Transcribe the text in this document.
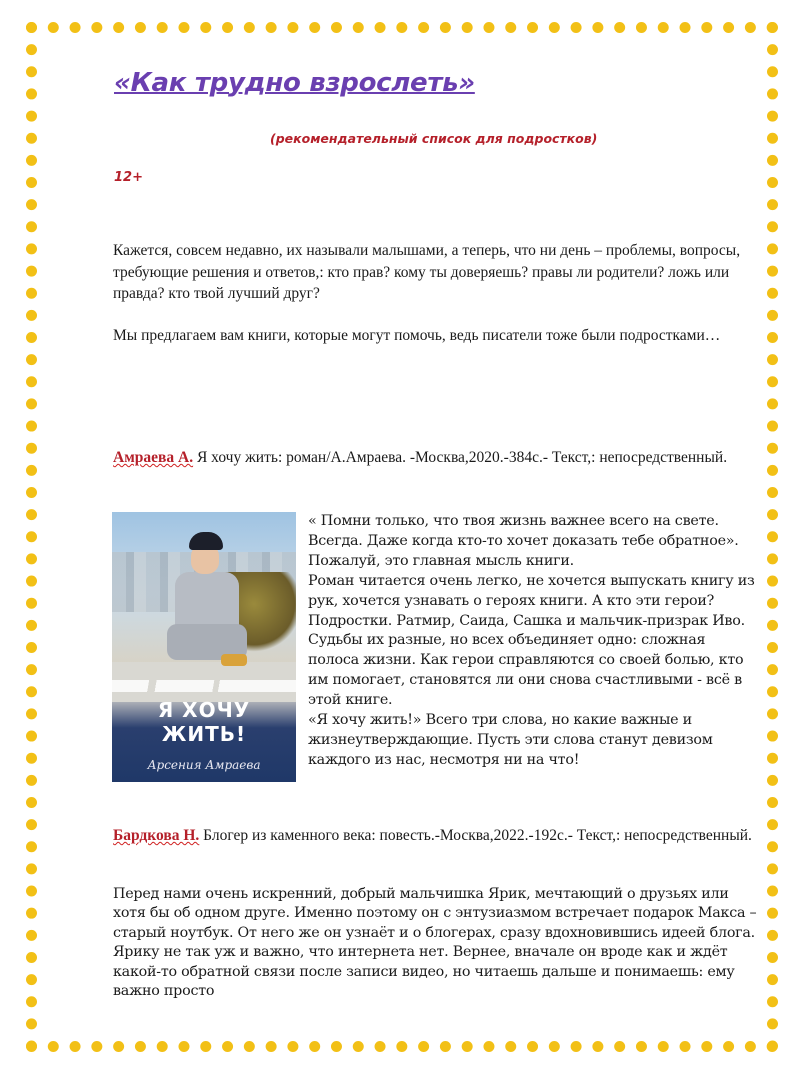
«Как трудно взрослеть»
(рекомендательный список для подростков)
12+

Кажется, совсем недавно, их называли малышами, а теперь, что ни день – проблемы, вопросы, требующие решения и ответов,: кто прав? кому ты доверяешь? правы ли родители? ложь или правда? кто твой лучший друг?

Мы предлагаем вам книги, которые могут помочь, ведь писатели тоже были подростками…

Амраева А. Я хочу жить: роман/А.Амраева. -Москва,2020.-384с.- Текст,: непосредственный.
Я ХОЧУ ЖИТЬ!
Арсения Амраева
« Помни только, что твоя жизнь важнее всего на свете. Всегда. Даже когда кто-то хочет доказать тебе обратное». Пожалуй, это главная мысль книги.
Роман читается очень легко, не хочется выпускать книгу из рук, хочется узнавать о героях книги. А кто эти герои? Подростки. Ратмир, Саида, Сашка и мальчик-призрак Иво. Судьбы их разные, но всех объединяет одно: сложная полоса жизни. Как герои справляются со своей болью, кто им помогает, становятся ли они снова счастливыми - всё в этой книге.
«Я хочу жить!» Всего три слова, но какие важные и жизнеутверждающие. Пусть эти слова станут девизом каждого из нас, несмотря ни на что!
Бардкова Н. Блогер из каменного века: повесть.-Москва,2022.-192с.- Текст,: непосредственный.

Перед нами очень искренний, добрый мальчишка Ярик, мечтающий о друзьях или хотя бы об одном друге. Именно поэтому он с энтузиазмом встречает подарок Макса – старый ноутбук. От него же он узнаёт и о блогерах, сразу вдохновившись идеей блога. Ярику не так уж и важно, что интернета нет. Вернее, вначале он вроде как и ждёт какой-то обратной связи после записи видео, но читаешь дальше и понимаешь: ему важно просто
